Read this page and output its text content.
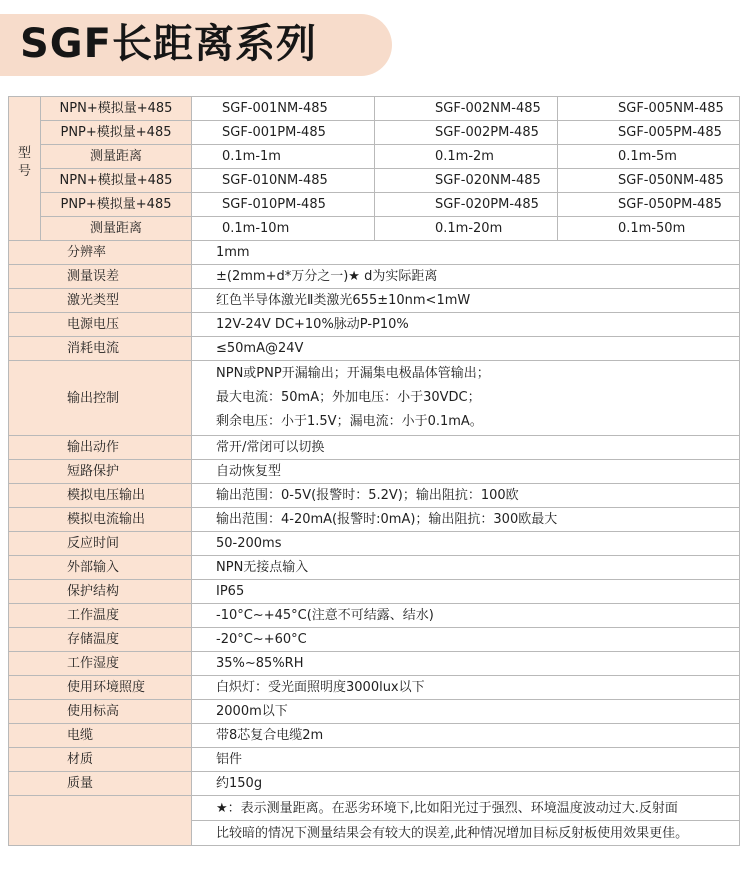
SGF长距离系列
型号	NPN+模拟量+485	SGF-001NM-485	SGF-002NM-485	SGF-005NM-485
	PNP+模拟量+485	SGF-001PM-485	SGF-002PM-485	SGF-005PM-485
	测量距离	0.1m-1m	0.1m-2m	0.1m-5m
	NPN+模拟量+485	SGF-010NM-485	SGF-020NM-485	SGF-050NM-485
	PNP+模拟量+485	SGF-010PM-485	SGF-020PM-485	SGF-050PM-485
	测量距离	0.1m-10m	0.1m-20m	0.1m-50m
分辨率		1mm		
测量误差		±(2mm+d*万分之一)★ d为实际距离		
激光类型		红色半导体激光Ⅱ类激光655±10nm<1mW		
电源电压		12V-24V DC+10%脉动P-P10%		
消耗电流		≤50mA@24V		
输出控制		NPN或PNP开漏输出；开漏集电极晶体管输出；
最大电流：50mA；外加电压：小于30VDC；
剩余电压：小于1.5V；漏电流：小于0.1mA。		

输出动作		常开/常闭可以切换		
短路保护		自动恢复型		
模拟电压输出		输出范围：0-5V(报警时：5.2V)；输出阻抗：100欧		
模拟电流输出		输出范围：4-20mA(报警时:0mA)；输出阻抗：300欧最大		
反应时间		50-200ms		
外部输入		NPN无接点输入		
保护结构		IP65		
工作温度		-10°C~+45°C(注意不可结露、结水)		
存储温度		-20°C~+60°C		
工作湿度		35%~85%RH		
使用环境照度		白炽灯：受光面照明度3000lux以下		
使用标高		2000m以下		
电缆		带8芯复合电缆2m		
材质		铝件		
质量		约150g		
		★：表示测量距离。在恶劣环境下,比如阳光过于强烈、环境温度波动过大.反射面		
		比较暗的情况下测量结果会有较大的误差,此种情况增加目标反射板使用效果更佳。		
